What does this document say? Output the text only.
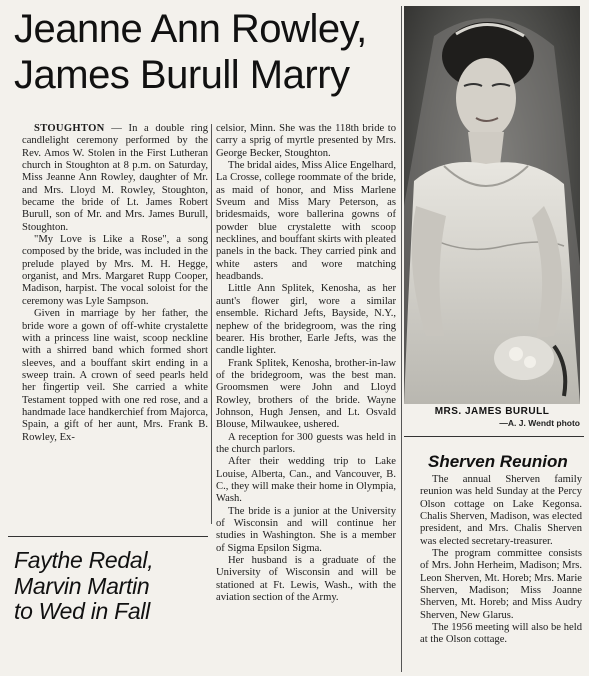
Jeanne Ann Rowley,
James Burull Marry

STOUGHTON — In a double ring candlelight ceremony performed by the Rev. Amos W. Stolen in the First Lutheran church in Stoughton at 8 p.m. on Saturday, Miss Jeanne Ann Rowley, daughter of Mr. and Mrs. Lloyd M. Rowley, Stoughton, became the bride of Lt. James Robert Burull, son of Mr. and Mrs. James Burull, Stoughton.

"My Love is Like a Rose", a song composed by the bride, was included in the prelude played by Mrs. M. H. Hegge, organist, and Mrs. Margaret Rupp Cooper, Madison, harpist. The vocal soloist for the ceremony was Lyle Sampson.

Given in marriage by her father, the bride wore a gown of off-white crystalette with a princess line waist, scoop neckline with a shirred band which formed short sleeves, and a bouffant skirt ending in a sweep train. A crown of seed pearls held her fingertip veil. She carried a white Testament topped with one red rose, and a handmade lace handkerchief from Majorca, Spain, a gift of her aunt, Mrs. Frank B. Rowley, Ex-

celsior, Minn. She was the 118th bride to carry a sprig of myrtle presented by Mrs. George Becker, Stoughton.

The bridal aides, Miss Alice Engelhard, La Crosse, college roommate of the bride, as maid of honor, and Miss Marlene Sveum and Miss Mary Peterson, as bridesmaids, wore ballerina gowns of powder blue crystalette with scoop necklines, and bouffant skirts with pleated panels in the back. They carried pink and white asters and wore matching headbands.

Little Ann Splitek, Kenosha, as her aunt's flower girl, wore a similar ensemble. Richard Jefts, Bayside, N.Y., nephew of the bridegroom, was the ring bearer. His brother, Earle Jefts, was the candle lighter.

Frank Splitek, Kenosha, brother-in-law of the bridegroom, was the best man. Groomsmen were John and Lloyd Rowley, brothers of the bride. Wayne Johnson, Hugh Jensen, and Lt. Osvald Blouse, Milwaukee, ushered.

A reception for 300 guests was held in the church parlors.

After their wedding trip to Lake Louise, Alberta, Can., and Vancouver, B. C., they will make their home in Olympia, Wash.

The bride is a junior at the University of Wisconsin and will continue her studies in Washington. She is a member of Sigma Epsilon Sigma.

Her husband is a graduate of the University of Wisconsin and will be stationed at Ft. Lewis, Wash., with the aviation section of the Army.

Faythe Redal,
Marvin Martin
to Wed in Fall
MRS. JAMES BURULL
—A. J. Wendt photo
Sherven Reunion

The annual Sherven family reunion was held Sunday at the Percy Olson cottage on Lake Kegonsa. Chalis Sherven, Madison, was elected president, and Mrs. Chalis Sherven was elected secretary-treasurer.

The program committee consists of Mrs. John Herheim, Madison; Mrs. Leon Sherven, Mt. Horeb; Mrs. Marie Sherven, Madison; Miss Joanne Sherven, Mt. Horeb; and Miss Audry Sherven, New Glarus.

The 1956 meeting will also be held at the Olson cottage.
